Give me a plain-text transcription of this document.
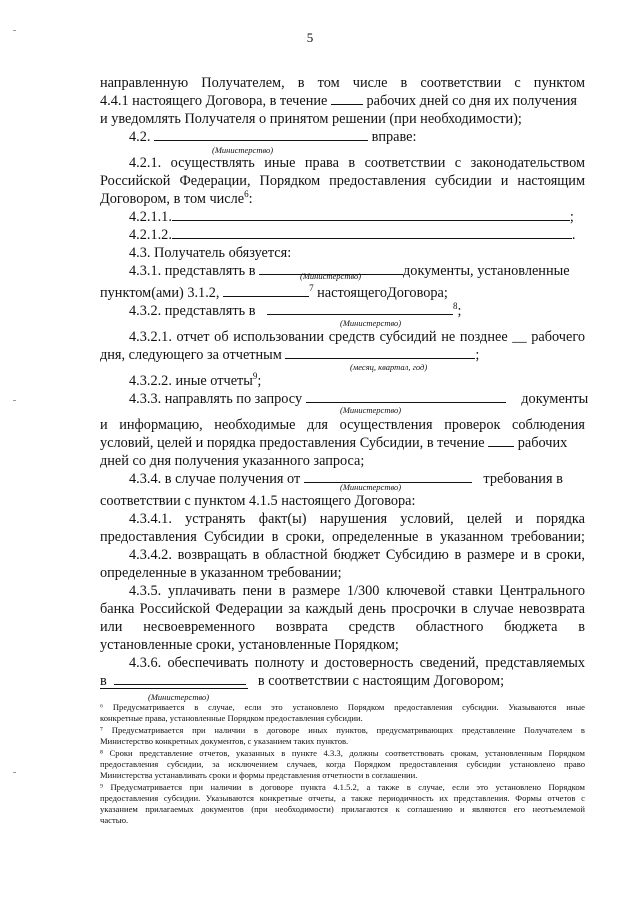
5
направленную Получателем, в том числе в соответствии с пунктом
4.4.1 настоящего Договора, в течение	рабочих дней со дня их получения
и уведомлять Получателя о принятом решении (при необходимости);
4.2.	вправе:
(Министерство)
4.2.1. осуществлять иные права в соответствии с законодательством
Российской Федерации, Порядком предоставления субсидии и настоящим
Договором, в том числе$^6$:
4.2.1.1.	;
4.2.1.2.	.
4.3. Получатель обязуется:
4.3.1. представлять в	документы, установленные
(Министерство)
пунктом(ами) 3.1.2,	$^7$ настоящегоДоговора;
4.3.2. представлять в	$^8$;
(Министерство)
4.3.2.1. отчет об использовании средств субсидий не позднее __ рабочего
дня, следующего за отчетным	;
(месяц, квартал, год)
4.3.2.2. иные отчеты$^9$;
4.3.3. направлять по запросу	документы
(Министерство)
и информацию, необходимые для осуществления проверок соблюдения
условий, целей и порядка предоставления Субсидии, в течение рабочих
дней со дня получения указанного запроса;
4.3.4. в случае получения от	требования в
(Министерство)
соответствии с пунктом 4.1.5 настоящего Договора:
4.3.4.1. устранять факт(ы) нарушения условий, целей и порядка
предоставления Субсидии в сроки, определенные в указанном требовании;
4.3.4.2. возвращать в областной бюджет Субсидию в размере и в сроки,
определенные в указанном требовании;
4.3.5. уплачивать пени в размере 1/300 ключевой ставки Центрального
банка Российской Федерации за каждый день просрочки в случае невозврата
или несвоевременного возврата средств областного бюджета в
установленные сроки, установленные Порядком;
4.3.6. обеспечивать полноту и достоверность сведений, представляемых
в	в соответствии с настоящим Договором;
(Министерство)
⁶ Предусматривается в случае, если это установлено Порядком предоставления субсидии. Указываются иные
конкретные права, установленные Порядком предоставления субсидии.
⁷ Предусматривается при наличии в договоре иных пунктов, предусматривающих представление Получателем в
Министерство конкретных документов, с указанием таких пунктов.
⁸ Сроки представление отчетов, указанных в пункте 4.3.3, должны соответствовать срокам, установленным Порядком
предоставления субсидии, за исключением случаев, когда Порядком предоставления субсидии установлено право
Министерства устанавливать сроки и формы представления отчетности в соглашении.
⁹ Предусматривается при наличии в договоре пункта 4.1.5.2, а также в случае, если это установлено Порядком
предоставления субсидии. Указываются конкретные отчеты, а также периодичность их представления. Формы отчетов с
указанием прилагаемых документов (при необходимости) прилагаются к соглашению и являются его неотъемлемой
частью.
